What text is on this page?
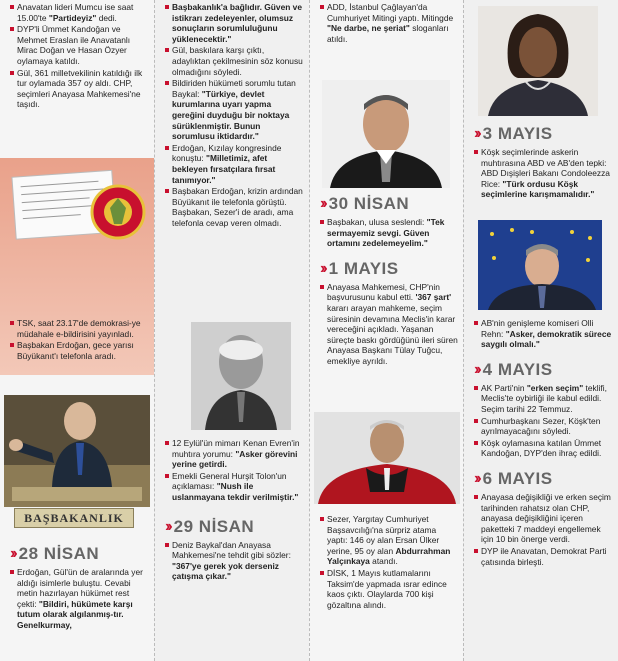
Anavatan lideri Mumcu ise saat 15.00'te "Partideyiz" dedi.
DYP'li Ümmet Kandoğan ve Mehmet Eraslan ile Anavatanlı Mirac Doğan ve Hasan Özyer oylamaya katıldı.
Gül, 361 milletvekilinin katıldığı ilk tur oylamada 357 oy aldı. CHP, seçimleri Anayasa Mahkemesi'ne taşıdı.
TSK, saat 23.17'de demokrasi-ye müdahale e-bildirisini yayınladı.
Başbakan Erdoğan, gece yarısı Büyükanıt'ı telefonla aradı.
BAŞBAKANLIK
›› 28 NİSAN
Erdoğan, Gül'ün de aralarında yer aldığı isimlerle buluştu. Cevabi metin hazırlayan hükümet rest çekti: "Bildiri, hükümete karşı tutum olarak algılanmış-tır. Genelkurmay,
Başbakanlık'a bağlıdır. Güven ve istikrarı zedeleyenler, olumsuz sonuçların sorumluluğunu yüklenecektir."
Gül, baskılara karşı çıktı, adaylıktan çekilmesinin söz konusu olmadığını söyledi.
Bildiriden hükümeti sorumlu tutan Baykal: "Türkiye, devlet kurumlarına uyarı yapma gereğini duyduğu bir noktaya sürüklenmiştir. Bunun sorumlusu iktidardır."
Erdoğan, Kızılay kongresinde konuştu: "Milletimiz, afet bekleyen fırsatçılara fırsat tanımıyor."
Başbakan Erdoğan, krizin ardından Büyükanıt ile telefonla görüştü. Başbakan, Sezer'i de aradı, ama telefonla cevap veren olmadı.
12 Eylül'ün mimarı Kenan Evren'in muhtıra yorumu: "Asker görevini yerine getirdi.
Emekli General Hurşit Tolon'un açıklaması: "Nush ile uslanmayana tekdir verilmiştir."
›› 29 NİSAN
Deniz Baykal'dan Anayasa Mahkemesi'ne tehdit gibi sözler: "367'ye gerek yok derseniz çatışma çıkar."
ADD, İstanbul Çağlayan'da Cumhuriyet Mitingi yaptı. Mitingde "Ne darbe, ne şeriat" sloganları atıldı.
›› 30 NİSAN
Başbakan, ulusa seslendi: "Tek sermayemiz sevgi. Güven ortamını zedelemeyelim."
›› 1 MAYIS
Anayasa Mahkemesi, CHP'nin başvurusunu kabul etti. '367 şart' kararı arayan mahkeme, seçim süresinin devamına Meclis'in karar vereceğini açıkladı. Yaşanan süreçte baskı gördüğünü ileri süren Anayasa Başkanı Tülay Tuğcu, emekliye ayrıldı.
Sezer, Yargıtay Cumhuriyet Başsavcılığı'na sürpriz atama yaptı: 146 oy alan Ersan Ülker yerine, 95 oy alan Abdurrahman Yalçınkaya atandı.
DİSK, 1 Mayıs kutlamalarını Taksim'de yapmada ısrar edince kaos çıktı. Olaylarda 700 kişi gözaltına alındı.
›› 3 MAYIS
Köşk seçimlerinde askerin muhtırasına ABD ve AB'den tepki: ABD Dışişleri Bakanı Condoleezza Rice: "Türk ordusu Köşk seçimlerine karışmamalıdır."
AB'nin genişleme komiseri Olli Rehn: "Asker, demokratik sürece saygılı olmalı."
›› 4 MAYIS
AK Parti'nin "erken seçim" teklifi, Meclis'te oybirliği ile kabul edildi. Seçim tarihi 22 Temmuz.
Cumhurbaşkanı Sezer, Köşk'ten ayrılmayacağını söyledi.
Köşk oylamasına katılan Ümmet Kandoğan, DYP'den ihraç edildi.
›› 6 MAYIS
Anayasa değişikliği ve erken seçim tarihinden rahatsız olan CHP, anayasa değişikliğini içeren paketteki 7 maddeyi engellemek için 10 bin önerge verdi.
DYP ile Anavatan, Demokrat Parti çatısında birleşti.
